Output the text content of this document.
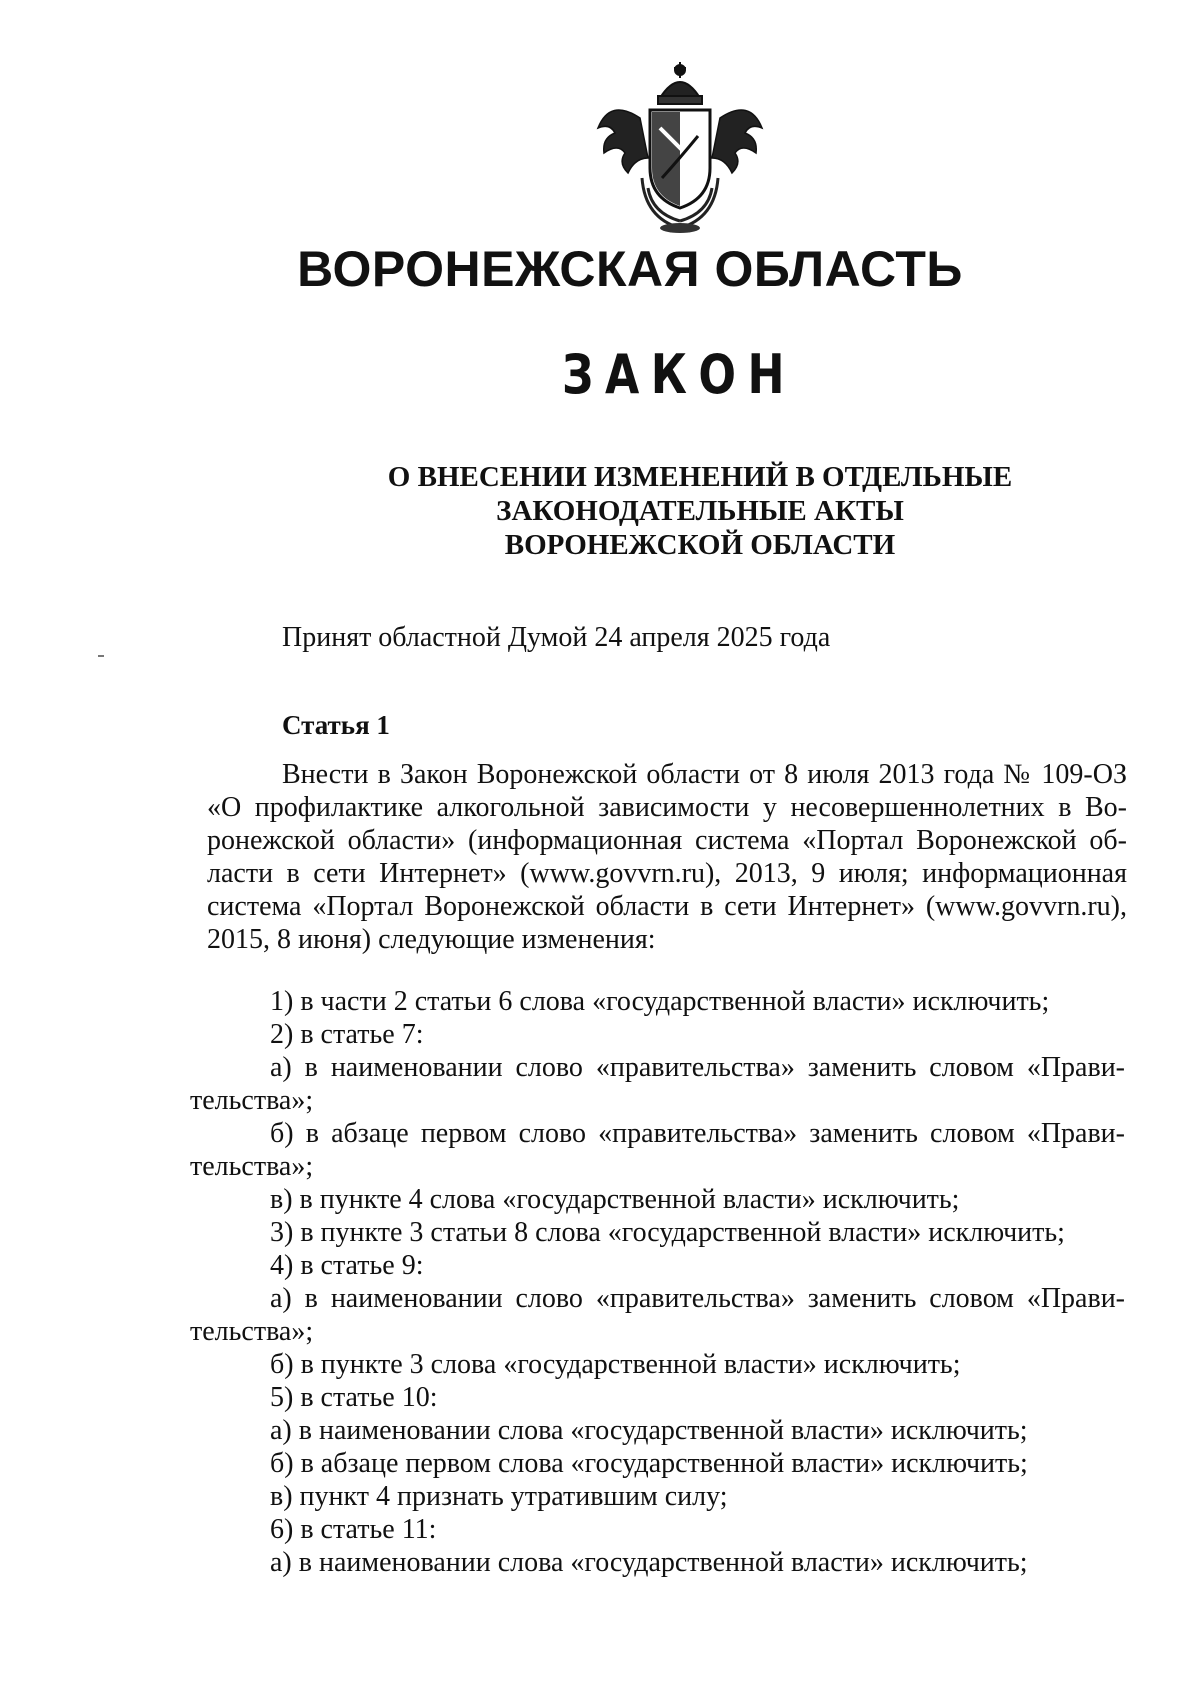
ВОРОНЕЖСКАЯ ОБЛАСТЬ
ЗАКОН
О ВНЕСЕНИИ ИЗМЕНЕНИЙ В ОТДЕЛЬНЫЕ
ЗАКОНОДАТЕЛЬНЫЕ АКТЫ
ВОРОНЕЖСКОЙ ОБЛАСТИ
Принят областной Думой 24 апреля 2025 года
Статья 1
Внести в Закон Воронежской области от 8 июля 2013 года № 109-ОЗ
«О профилактике алкогольной зависимости у несовершеннолетних в Во-
ронежской области» (информационная система «Портал Воронежской об-
ласти в сети Интернет» (www.govvrn.ru), 2013, 9 июля; информационная
система «Портал Воронежской области в сети Интернет» (www.govvrn.ru),
2015, 8 июня) следующие изменения:
1) в части 2 статьи 6 слова «государственной власти» исключить;
2) в статье 7:
а) в наименовании слово «правительства» заменить словом «Прави-
тельства»;
б) в абзаце первом слово «правительства» заменить словом «Прави-
тельства»;
в) в пункте 4 слова «государственной власти» исключить;
3) в пункте 3 статьи 8 слова «государственной власти» исключить;
4) в статье 9:
а) в наименовании слово «правительства» заменить словом «Прави-
тельства»;
б) в пункте 3 слова «государственной власти» исключить;
5) в статье 10:
а) в наименовании слова «государственной власти» исключить;
б) в абзаце первом слова «государственной власти» исключить;
в) пункт 4 признать утратившим силу;
6) в статье 11:
а) в наименовании слова «государственной власти» исключить;
